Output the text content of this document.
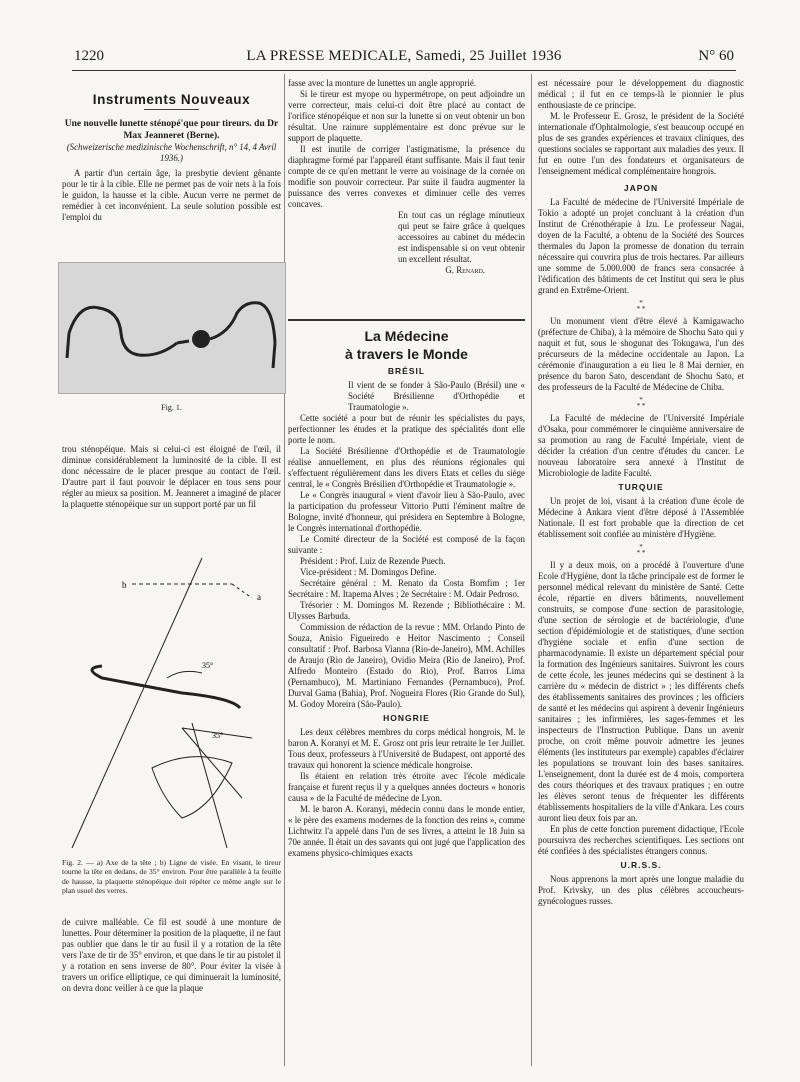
1220	LA PRESSE MEDICALE, Samedi, 25 Juillet 1936	N° 60
Instruments Nouveaux
Une nouvelle lunette sténopé'que pour tireurs. du Dr Max Jeanneret (Berne).
(Schweizerische medizinische Wochenschrift, n° 14, 4 Avril 1936.)

A partir d'un certain âge, la presbytie devient gênante pour le tir à la cible. Elle ne permet pas de voir nets à la fois le guidon, la hausse et la cible. Aucun verre ne permet de remédier à cet inconvénient. La seule solution possible est l'emploi du

Fig. 1.

trou sténopéique. Mais si celui-ci est éloigné de l'œil, il diminue considérablement la luminosité de la cible. Il est donc nécessaire de le placer presque au contact de l'œil. D'autre part il faut pouvoir le déplacer en tous sens pour régler au mieux sa position. M. Jeanneret a imaginé de placer la plaquette sténopéique sur un support porté par un fil

b
a
35°
35°
Fig. 2. — a) Axe de la tête ; b) Ligne de visée. En visant, le tireur tourne la tête en dedans, de 35° environ. Pour être parallèle à la feuille de hausse, la plaquette sténopéique doit répéter ce même angle sur le plan usuel des verres.

de cuivre malléable. Ce fil est soudé à une monture de lunettes. Pour déterminer la position de la plaquette, il ne faut pas oublier que dans le tir au fusil il y a rotation de la tête vers l'axe de tir de 35° environ, et que dans le tir au pistolet il y a rotation en sens inverse de 80°. Pour éviter la visée à travers un orifice elliptique, ce qui diminuerait la luminosité, on devra donc veiller à ce que la plaque

fasse avec la monture de lunettes un angle approprié.

Si le tireur est myope ou hypermétrope, on peut adjoindre un verre correcteur, mais celui-ci doit être placé au contact de l'orifice sténopéique et non sur la lunette si on veut obtenir un bon résultat. Une rainure supplémentaire est donc prévue sur le support de plaquette.

Il est inutile de corriger l'astigmatisme, la présence du diaphragme formé par l'appareil étant suffisante. Mais il faut tenir compte de ce qu'en mettant le verre au voisinage de la cornée on modifie son pouvoir correcteur. Par suite il faudra augmenter la puissance des verres convexes et diminuer celle des verres concaves.

En tout cas un réglage minutieux qui peut se faire grâce à quelques accessoires au cabinet du médecin est indispensable si on veut obtenir un excellent résultat.

G. Renard.
La Médecine
à travers le Monde
BRÉSIL

Il vient de se fonder à São-Paulo (Brésil) une « Société Brésilienne d'Orthopédie et Traumatologie ».

Cette société a pour but de réunir les spécialistes du pays, perfectionner les études et la pratique des spécialités dont elle porte le nom.

La Société Brésilienne d'Orthopédie et de Traumatologie réalise annuellement, en plus des réunions régionales qui s'effectuent régulièrement dans les divers Etats et celles du siège central, le « Congrès Brésilien d'Orthopédie et Traumatologie ».

Le « Congrès inaugural » vient d'avoir lieu à São-Paulo, avec la participation du professeur Vittorio Putti l'éminent maître de Bologne, invité d'honneur, qui présidera en Septembre à Bologne, le Congrès international d'orthopédie.

Le Comité directeur de la Société est composé de la façon suivante :

Président : Prof. Luiz de Rezende Puech.

Vice-président : M. Domingos Define.

Secrétaire général : M. Renato da Costa Bomfim ; 1er Secrétaire : M. Itapema Alves ; 2e Secrétaire : M. Odair Pedroso.

Trésorier : M. Domingos M. Rezende ; Bibliothécaire : M. Ulysses Barbuda.

Commission de rédaction de la revue : MM. Orlando Pinto de Souza, Anisio Figueiredo e Heitor Nascimento ; Conseil consultatif : Prof. Barbosa Vianna (Rio-de-Janeiro), MM. Achilles de Araujo (Rio de Janeiro), Ovidio Meira (Rio de Janeiro), Prof. Alfredo Monteiro (Estado do Rio), Prof. Barros Lima (Pernambuco), M. Martiniano Fernandes (Pernambuco), Prof. Durval Gama (Bahia), Prof. Nogueira Flores (Rio Grande do Sul), M. Godoy Moreira (São-Paulo).

HONGRIE

Les deux célèbres membres du corps médical hongrois, M. le baron A. Koranyi et M. E. Grosz ont pris leur retraite le 1er Juillet. Tous deux, professeurs à l'Université de Budapest, ont apporté des travaux qui honorent la science médicale hongroise.

Ils étaient en relation très étroite avec l'école médicale française et furent reçus il y a quelques années docteurs « honoris causa » de la Faculté de médecine de Lyon.

M. le baron A. Koranyi, médecin connu dans le monde entier, « le père des examens modernes de la fonction des reins », comme Lichtwitz l'a appelé dans l'un de ses livres, a atteint le 18 Juin sa 70e année. Il était un des savants qui ont jugé que l'application des examens physico-chimiques exacts

est nécessaire pour le développement du diagnostic médical ; il fut en ce temps-là le pionnier le plus enthousiaste de ce principe.

M. le Professeur E. Grosz, le président de la Société internationale d'Ophtalmologie, s'est beaucoup occupé en plus de ses grandes expériences et travaux cliniques, des questions sociales se rapportant aux maladies des yeux. Il fut en outre l'un des fondateurs et organisateurs de l'enseignement médical complémentaire hongrois.

JAPON

La Faculté de médecine de l'Université Impériale de Tokio a adopté un projet concluant à la création d'un Institut de Crénothérapie à Izu. Le professeur Nagai, doyen de la Faculté, a obtenu de la Société des Sources thermales du Japon la promesse de donation du terrain nécessaire qui couvrira plus de trois hectares. Par ailleurs une somme de 5.000.000 de francs sera consacrée à l'édification des bâtiments de cet Institut qui sera le plus grand en Extrême-Orient.

*
* *

Un monument vient d'être élevé à Kamigawacho (préfecture de Chiba), à la mémoire de Shochu Sato qui y naquit et fut, sous le shogunat des Tokugawa, l'un des précurseurs de la médecine occidentale au Japon. La cérémonie d'inauguration a eu lieu le 8 Mai dernier, en présence du baron Sato, descendant de Shochu Sato, et des professeurs de la Faculté de Médecine de Chiba.

*
* *

La Faculté de médecine de l'Université Impériale d'Osaka, pour commémorer le cinquième anniversaire de sa promotion au rang de Faculté Impériale, vient de décider la création d'un centre d'études du cancer. Le nouveau laboratoire sera annexé à l'Institut de Microbiologie de ladite Faculté.

TURQUIE

Un projet de loi, visant à la création d'une école de Médecine à Ankara vient d'être déposé à l'Assemblée Nationale. Il est fort probable que la direction de cet établissement soit confiée au ministère d'Hygiène.

*
* *

Il y a deux mois, on a procédé à l'ouverture d'une Ecole d'Hygiène, dont la tâche principale est de former le personnel médical relevant du ministère de Santé. Cette école, répartie en divers bâtiments, nouvellement construits, se compose d'une section de parasitologie, d'une section de sérologie et de bactériologie, d'une section d'épidémiologie et de statistiques, d'une section d'hygiène sociale et enfin d'une section de pharmacodynamie. Il existe un département spécial pour la formation des Ingénieurs sanitaires. Suivront les cours de cette école, les jeunes médecins qui se destinent à la carrière du « médecin de district » ; les différents chefs des établissements sanitaires des provinces ; les officiers de santé et les médecins qui aspirent à devenir Ingénieurs sanitaires ; les infirmières, les sages-femmes et les inspecteurs de l'Instruction Publique. Dans un avenir proche, on croit même pouvoir admettre les jeunes éléments (les instituteurs par exemple) capables d'éclairer les populations se trouvant loin des bases sanitaires. L'enseignement, dont la durée est de 4 mois, comportera des cours théoriques et des travaux pratiques ; en outre les élèves seront tenus de fréquenter les différents établissements hospitaliers de la ville d'Ankara. Les cours auront lieu deux fois par an.

En plus de cette fonction purement didactique, l'Ecole poursuivra des recherches scientifiques. Les sections ont été confiées à des spécialistes étrangers connus.

U.R.S.S.

Nous apprenons la mort après une longue maladie du Prof. Krivsky, un des plus célèbres accoucheurs-gynécologues russes.
